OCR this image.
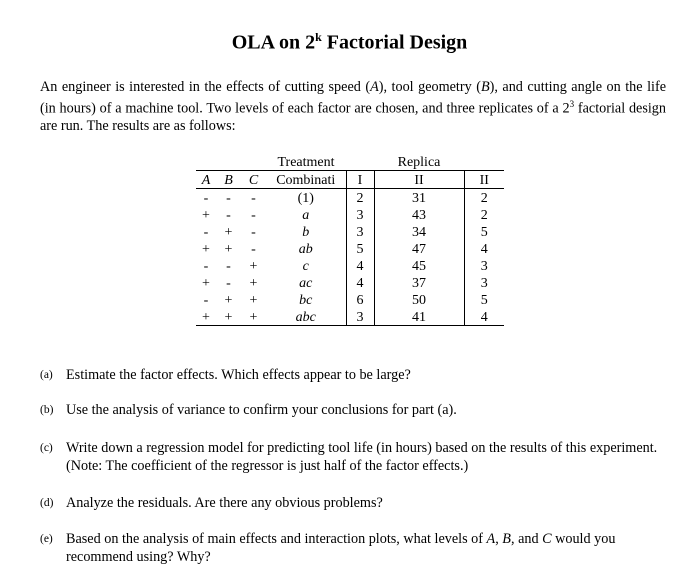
OLA on 2$^k$ Factorial Design
An engineer is interested in the effects of cutting speed (A), tool geometry (B), and cutting angle on the life (in hours) of a machine tool. Two levels of each factor are chosen, and three replicates of a $2^3$ factorial design are run. The results are as follows:
			Treatment		Replica	
A	B	C	Combinati	I	II	II
-	-	-	(1)	2	31	2
+	-	-	a	3	43	2
-	+	-	b	3	34	5
+	+	-	ab	5	47	4
-	-	+	c	4	45	3
+	-	+	ac	4	37	3
-	+	+	bc	6	50	5
+	+	+	abc	3	41	4
(a) Estimate the factor effects. Which effects appear to be large?
(b) Use the analysis of variance to confirm your conclusions for part (a).
(c) Write down a regression model for predicting tool life (in hours) based on the results of this experiment. (Note: The coefficient of the regressor is just half of the factor effects.)
(d) Analyze the residuals. Are there any obvious problems?
(e) Based on the analysis of main effects and interaction plots, what levels of A, B, and C would you recommend using? Why?
